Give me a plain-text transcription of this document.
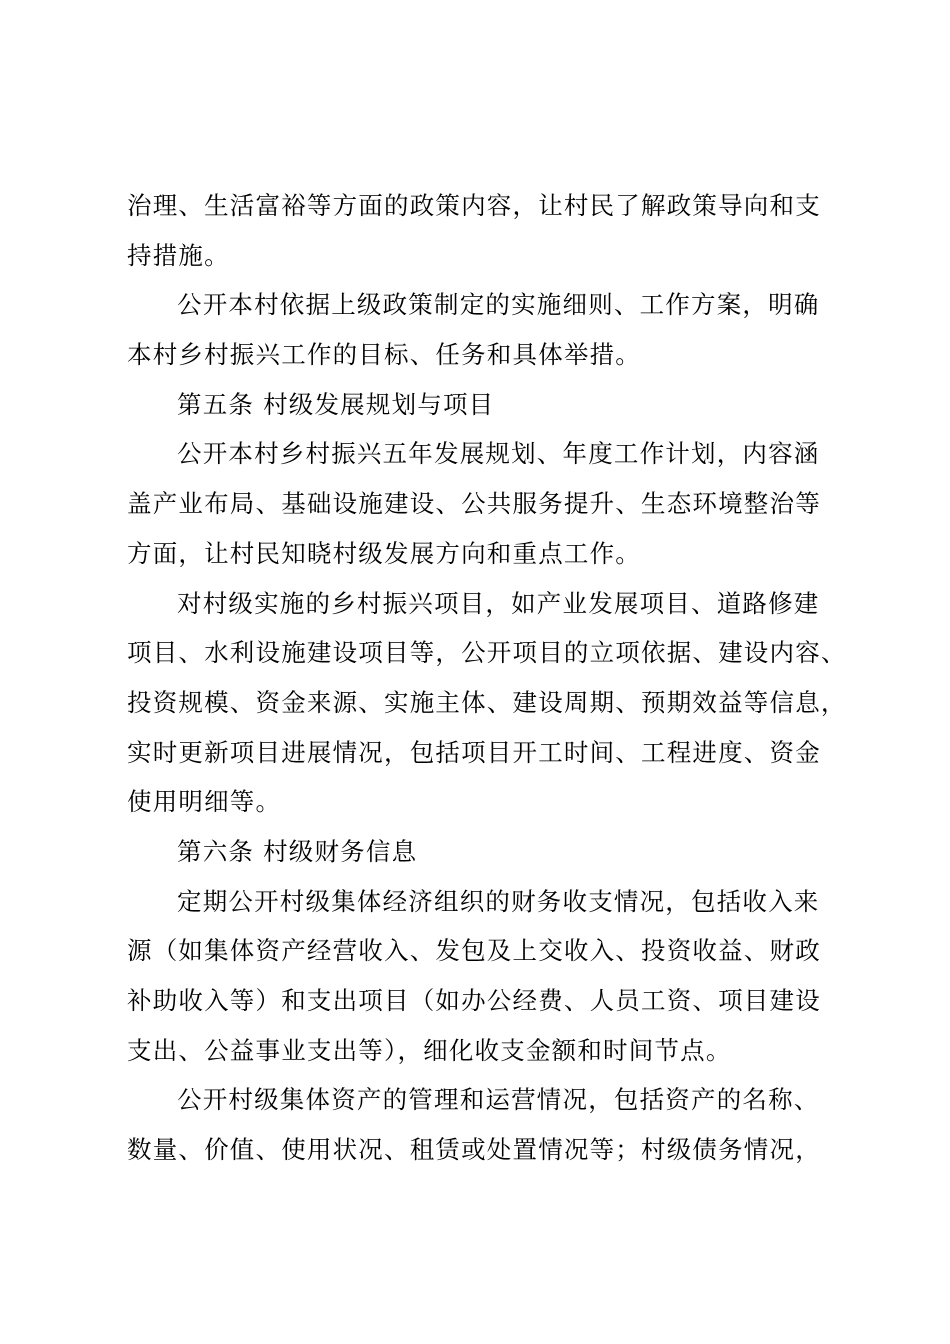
治理、生活富裕等方面的政策内容，让村民了解政策导向和支
持措施。
公开本村依据上级政策制定的实施细则、工作方案，明确
本村乡村振兴工作的目标、任务和具体举措。
第五条 村级发展规划与项目
公开本村乡村振兴五年发展规划、年度工作计划，内容涵
盖产业布局、基础设施建设、公共服务提升、生态环境整治等
方面，让村民知晓村级发展方向和重点工作。
对村级实施的乡村振兴项目，如产业发展项目、道路修建
项目、水利设施建设项目等，公开项目的立项依据、建设内容、
投资规模、资金来源、实施主体、建设周期、预期效益等信息，
实时更新项目进展情况，包括项目开工时间、工程进度、资金
使用明细等。
第六条 村级财务信息
定期公开村级集体经济组织的财务收支情况，包括收入来
源（如集体资产经营收入、发包及上交收入、投资收益、财政
补助收入等）和支出项目（如办公经费、人员工资、项目建设
支出、公益事业支出等），细化收支金额和时间节点。
公开村级集体资产的管理和运营情况，包括资产的名称、
数量、价值、使用状况、租赁或处置情况等；村级债务情况，
